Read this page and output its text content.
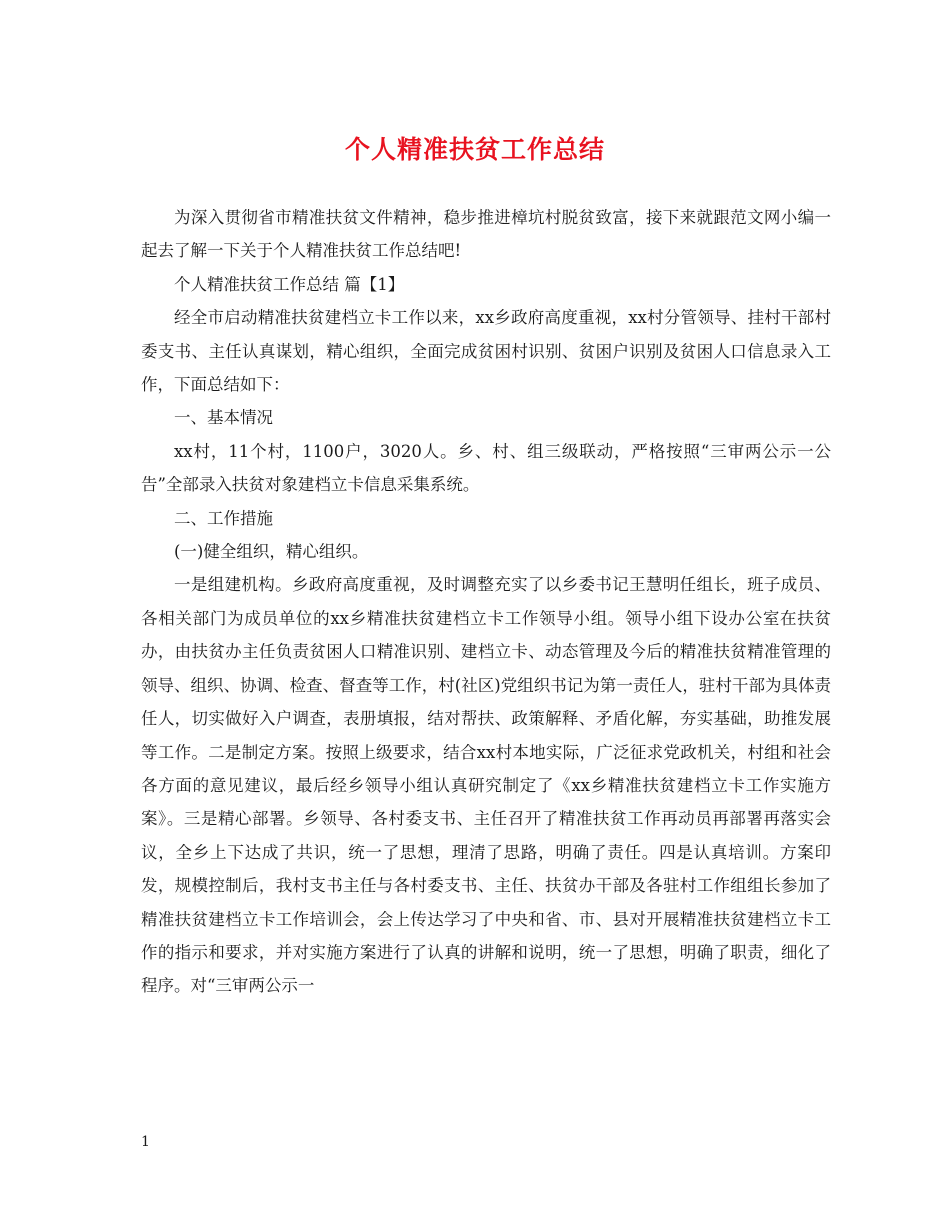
个人精准扶贫工作总结

为深入贯彻省市精准扶贫文件精神，稳步推进樟坑村脱贫致富，接下来就跟范文网小编一起去了解一下关于个人精准扶贫工作总结吧!

个人精准扶贫工作总结 篇【1】

经全市启动精准扶贫建档立卡工作以来，xx乡政府高度重视，xx村分管领导、挂村干部村委支书、主任认真谋划，精心组织，全面完成贫困村识别、贫困户识别及贫困人口信息录入工作，下面总结如下：

一、基本情况

xx村，11个村，1100户，3020人。乡、村、组三级联动，严格按照“三审两公示一公告”全部录入扶贫对象建档立卡信息采集系统。

二、工作措施

(一)健全组织，精心组织。

一是组建机构。乡政府高度重视，及时调整充实了以乡委书记王慧明任组长，班子成员、各相关部门为成员单位的xx乡精准扶贫建档立卡工作领导小组。领导小组下设办公室在扶贫办，由扶贫办主任负责贫困人口精准识别、建档立卡、动态管理及今后的精准扶贫精准管理的领导、组织、协调、检查、督查等工作，村(社区)党组织书记为第一责任人，驻村干部为具体责任人，切实做好入户调查，表册填报，结对帮扶、政策解释、矛盾化解，夯实基础，助推发展等工作。二是制定方案。按照上级要求，结合xx村本地实际，广泛征求党政机关，村组和社会各方面的意见建议，最后经乡领导小组认真研究制定了《xx乡精准扶贫建档立卡工作实施方案》。三是精心部署。乡领导、各村委支书、主任召开了精准扶贫工作再动员再部署再落实会议，全乡上下达成了共识，统一了思想，理清了思路，明确了责任。四是认真培训。方案印发，规模控制后，我村支书主任与各村委支书、主任、扶贫办干部及各驻村工作组组长参加了精准扶贫建档立卡工作培训会，会上传达学习了中央和省、市、县对开展精准扶贫建档立卡工作的指示和要求，并对实施方案进行了认真的讲解和说明，统一了思想，明确了职责，细化了程序。对“三审两公示一

1
